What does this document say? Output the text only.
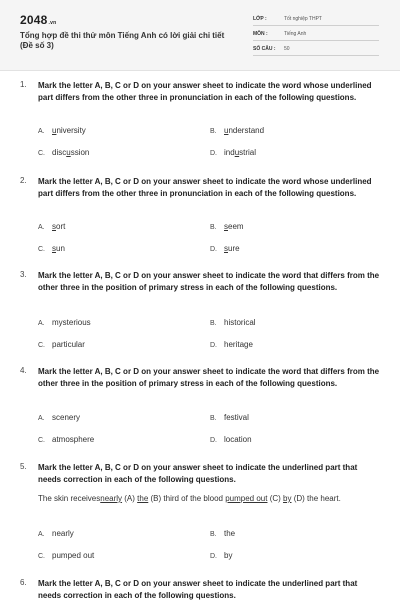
2048.vn
Tổng hợp đề thi thử môn Tiếng Anh có lời giải chi tiết (Đề số 3)
LỚP :	Tốt nghiệp THPT
MÔN :	Tiếng Anh
SỐ CÂU : 50
1. Mark the letter A, B, C or D on your answer sheet to indicate the word whose underlined part differs from the other three in pronunciation in each of the following questions.
A. university	B. understand
C. discussion	D. industrial
2. Mark the letter A, B, C or D on your answer sheet to indicate the word whose underlined part differs from the other three in pronunciation in each of the following questions.
A. sort	B. seem
C. sun	D. sure
3. Mark the letter A, B, C or D on your answer sheet to indicate the word that differs from the other three in the position of primary stress in each of the following questions.
A. mysterious	B. historical
C. particular	D. heritage
4. Mark the letter A, B, C or D on your answer sheet to indicate the word that differs from the other three in the position of primary stress in each of the following questions.
A. scenery	B. festival
C. atmosphere	D. location
5. Mark the letter A, B, C or D on your answer sheet to indicate the underlined part that needs correction in each of the following questions.
The skin receivesnearly (A) the (B) third of the blood pumped out (C) by (D) the heart.
A. nearly	B. the
C. pumped out	D. by
6. Mark the letter A, B, C or D on your answer sheet to indicate the underlined part that needs correction in each of the following questions.
